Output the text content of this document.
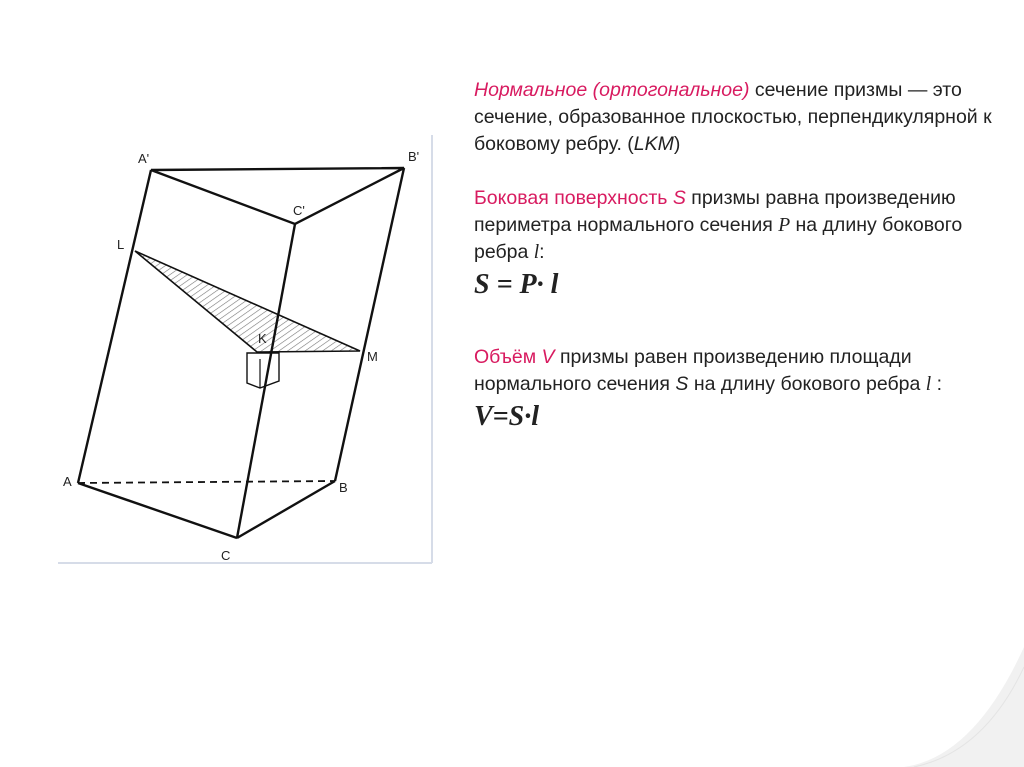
A'	B'
C'
L
K
M
A	B
C

Нормальное (ортогональное) сечение призмы — это сечение, образованное плоскостью, перпендикулярной к боковому ребру. (LKM)

Боковая поверхность S призмы равна произведению периметра нормального сечения P на длину бокового ребра l:

S = P· l

Объём V призмы равен произведению площади нормального сечения S на длину бокового ребра l :

V=S·l
